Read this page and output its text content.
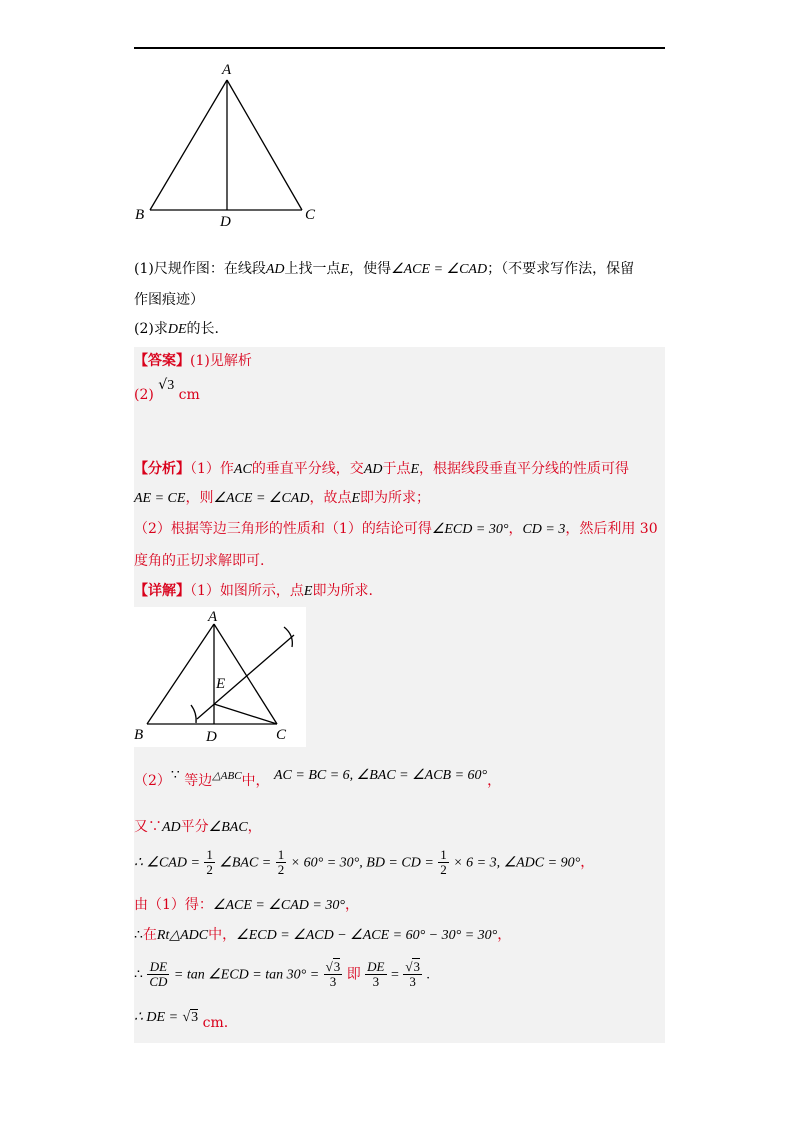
A
B	C
D
(1)尺规作图：在线段AD上找一点E，使得∠ACE = ∠CAD；（不要求写作法，保留
作图痕迹）
(2)求DE的长.
【答案】(1)见解析
(2) √3 cm
【分析】（1）作AC的垂直平分线，交AD于点E，根据线段垂直平分线的性质可得
AE = CE，则∠ACE = ∠CAD，故点E即为所求；
（2）根据等边三角形的性质和（1）的结论可得∠ECD = 30°，CD = 3，然后利用 30
度角的正切求解即可.
【详解】（1）如图所示，点E即为所求.
A
E
B	C
D
（2）∵ 等边$^{\triangle ABC}$中， AC = BC = 6, ∠BAC = ∠ACB = 60°，
又∵AD平分∠BAC，
∴ ∠CAD = $\frac{1}{2}$ ∠BAC = $\frac{1}{2} \times 60^\circ = 30^\circ$, BD = CD = $\frac{1}{2} \times 6 = 3$, ∠ADC = 90°，
由（1）得：∠ACE = ∠CAD = 30°，
∴在Rt△ADC中，∠ECD = ∠ACD − ∠ACE = 60° − 30° = 30°，
∴ $\frac{DE}{CD} = \tan$ ∠ECD = $\tan 30^\circ = \frac{√3}{3}$ 即 $\frac{DE}{3} = \frac{√3}{3}$ .
∴ DE = √3 cm.
